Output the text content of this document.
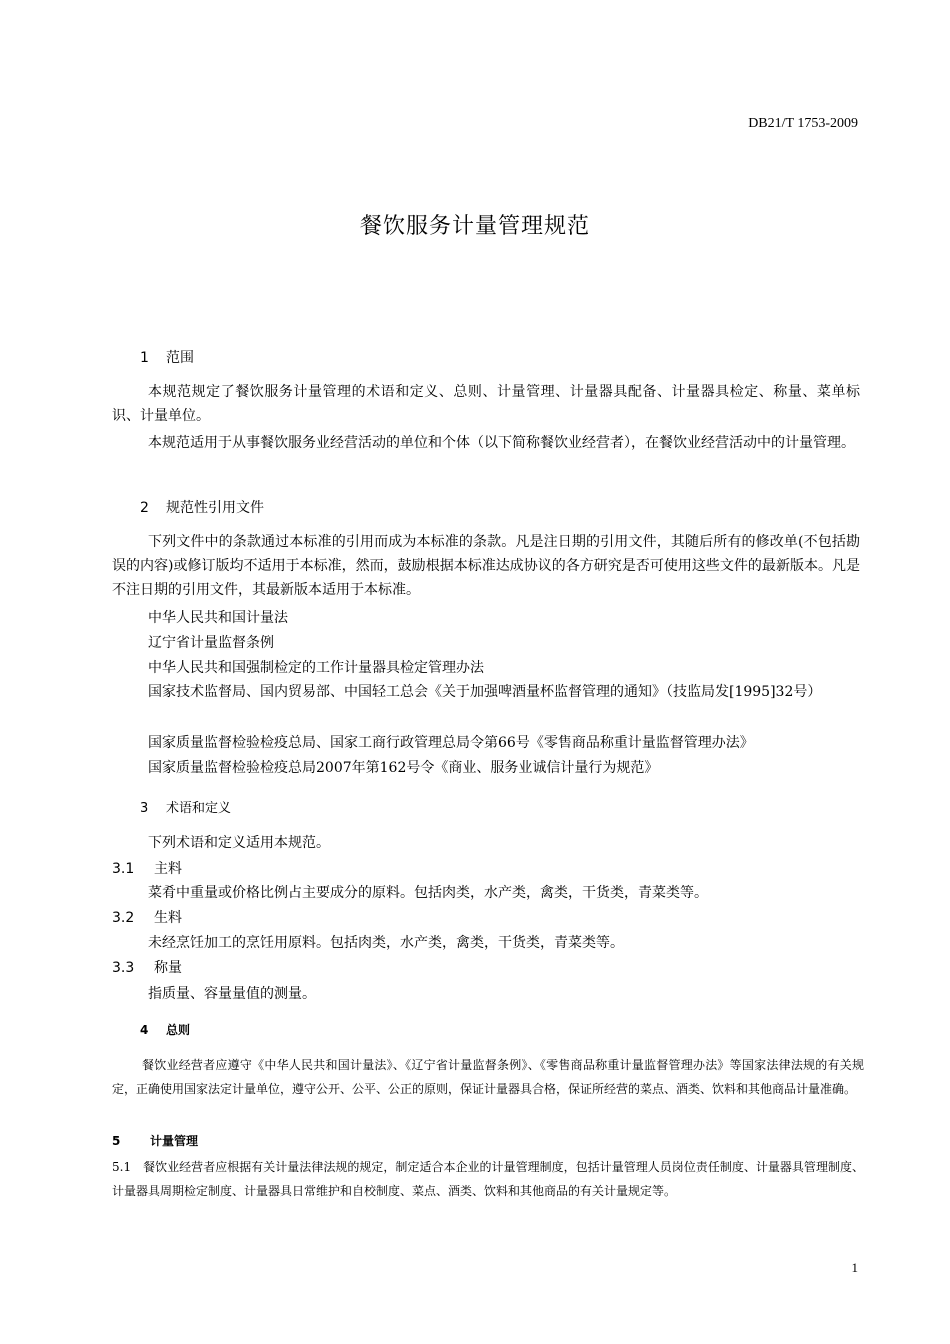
DB21/T 1753-2009
餐饮服务计量管理规范
1 范围
本规范规定了餐饮服务计量管理的术语和定义、总则、计量管理、计量器具配备、计量器具检定、称量、菜单标识、计量单位。
本规范适用于从事餐饮服务业经营活动的单位和个体（以下简称餐饮业经营者），在餐饮业经营活动中的计量管理。
2 规范性引用文件
下列文件中的条款通过本标准的引用而成为本标准的条款。凡是注日期的引用文件，其随后所有的修改单(不包括勘误的内容)或修订版均不适用于本标准，然而，鼓励根据本标准达成协议的各方研究是否可使用这些文件的最新版本。凡是不注日期的引用文件，其最新版本适用于本标准。
中华人民共和国计量法
辽宁省计量监督条例
中华人民共和国强制检定的工作计量器具检定管理办法
国家技术监督局、国内贸易部、中国轻工总会《关于加强啤酒量杯监督管理的通知》（技监局发[1995]32号）
国家质量监督检验检疫总局、国家工商行政管理总局令第66号《零售商品称重计量监督管理办法》
国家质量监督检验检疫总局2007年第162号令《商业、服务业诚信计量行为规范》
3 术语和定义
下列术语和定义适用本规范。
3.1 主料
菜肴中重量或价格比例占主要成分的原料。包括肉类，水产类，禽类，干货类，青菜类等。
3.2 生料
未经烹饪加工的烹饪用原料。包括肉类，水产类，禽类，干货类，青菜类等。
3.3 称量
指质量、容量量值的测量。
4 总则
餐饮业经营者应遵守《中华人民共和国计量法》、《辽宁省计量监督条例》、《零售商品称重计量监督管理办法》等国家法律法规的有关规定，正确使用国家法定计量单位，遵守公开、公平、公正的原则，保证计量器具合格，保证所经营的菜点、酒类、饮料和其他商品计量准确。
5 计量管理
5.1　餐饮业经营者应根据有关计量法律法规的规定，制定适合本企业的计量管理制度，包括计量管理人员岗位责任制度、计量器具管理制度、计量器具周期检定制度、计量器具日常维护和自校制度、菜点、酒类、饮料和其他商品的有关计量规定等。
1
